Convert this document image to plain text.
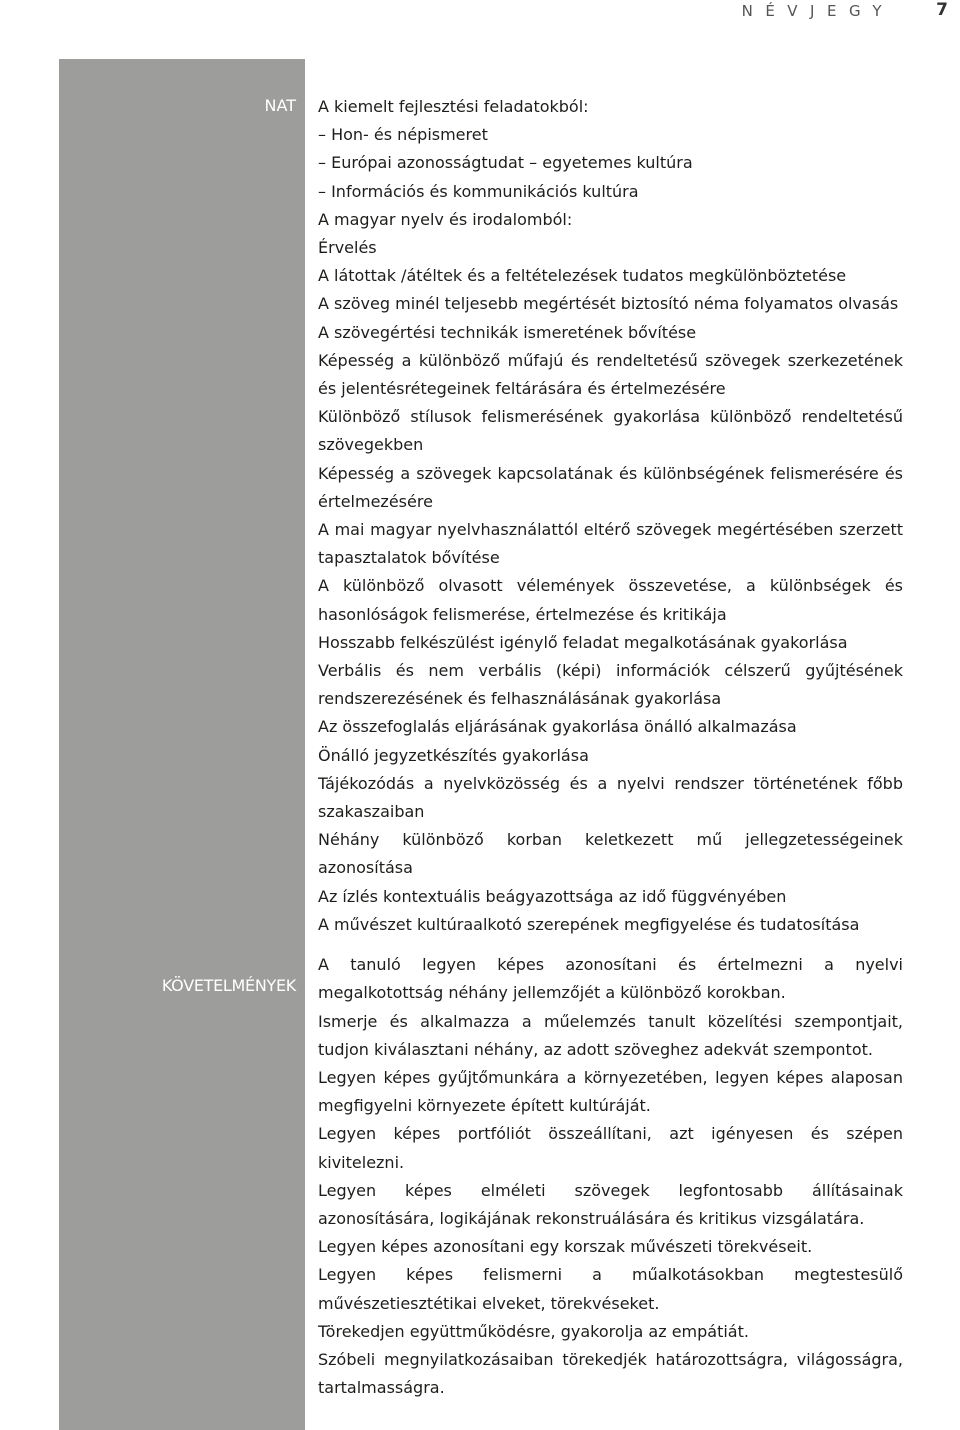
NÉVJEGY 7
NAT
KÖVETELMÉNYEK

A kiemelt fejlesztési feladatokból:

– Hon- és népismeret

– Európai azonosságtudat – egyetemes kultúra

– Információs és kommunikációs kultúra

A magyar nyelv és irodalomból:

Érvelés

A látottak /átéltek és a feltételezések tudatos megkülönböztetése

A szöveg minél teljesebb megértését biztosító néma folyamatos olvasás

A szövegértési technikák ismeretének bővítése

Képesség a különböző műfajú és rendeltetésű szövegek szerkezetének és jelentésrétegeinek feltárására és értelmezésére

Különböző stílusok felismerésének gyakorlása különböző rendeltetésű szövegekben

Képesség a szövegek kapcsolatának és különbségének felismerésére és értelmezésére

A mai magyar nyelvhasználattól eltérő szövegek megértésében szerzett tapasztalatok bővítése

A különböző olvasott vélemények összevetése, a különbségek és hasonlóságok felismerése, értelmezése és kritikája

Hosszabb felkészülést igénylő feladat megalkotásának gyakorlása

Verbális és nem verbális (képi) információk célszerű gyűjtésének rendszerezésének és felhasználásának gyakorlása

Az összefoglalás eljárásának gyakorlása önálló alkalmazása

Önálló jegyzetkészítés gyakorlása

Tájékozódás a nyelvközösség és a nyelvi rendszer történetének főbb szakaszaiban

Néhány különböző korban keletkezett mű jellegzetességeinek azonosítása

Az ízlés kontextuális beágyazottsága az idő függvényében

A művészet kultúraalkotó szerepének megfigyelése és tudatosítása

A tanuló legyen képes azonosítani és értelmezni a nyelvi megalkotottság néhány jellemzőjét a különböző korokban.

Ismerje és alkalmazza a műelemzés tanult közelítési szempontjait, tudjon kiválasztani néhány, az adott szöveghez adekvát szempontot.

Legyen képes gyűjtőmunkára a környezetében, legyen képes alaposan megfigyelni környezete épített kultúráját.

Legyen képes portfóliót összeállítani, azt igényesen és szépen kivitelezni.

Legyen képes elméleti szövegek legfontosabb állításainak azonosítására, logikájának rekonstruálására és kritikus vizsgálatára.

Legyen képes azonosítani egy korszak művészeti törekvéseit.

Legyen képes felismerni a műalkotásokban megtestesülő művészetiesztétikai elveket, törekvéseket.

Törekedjen együttműködésre, gyakorolja az empátiát.

Szóbeli megnyilatkozásaiban törekedjék határozottságra, világosságra, tartalmasságra.
